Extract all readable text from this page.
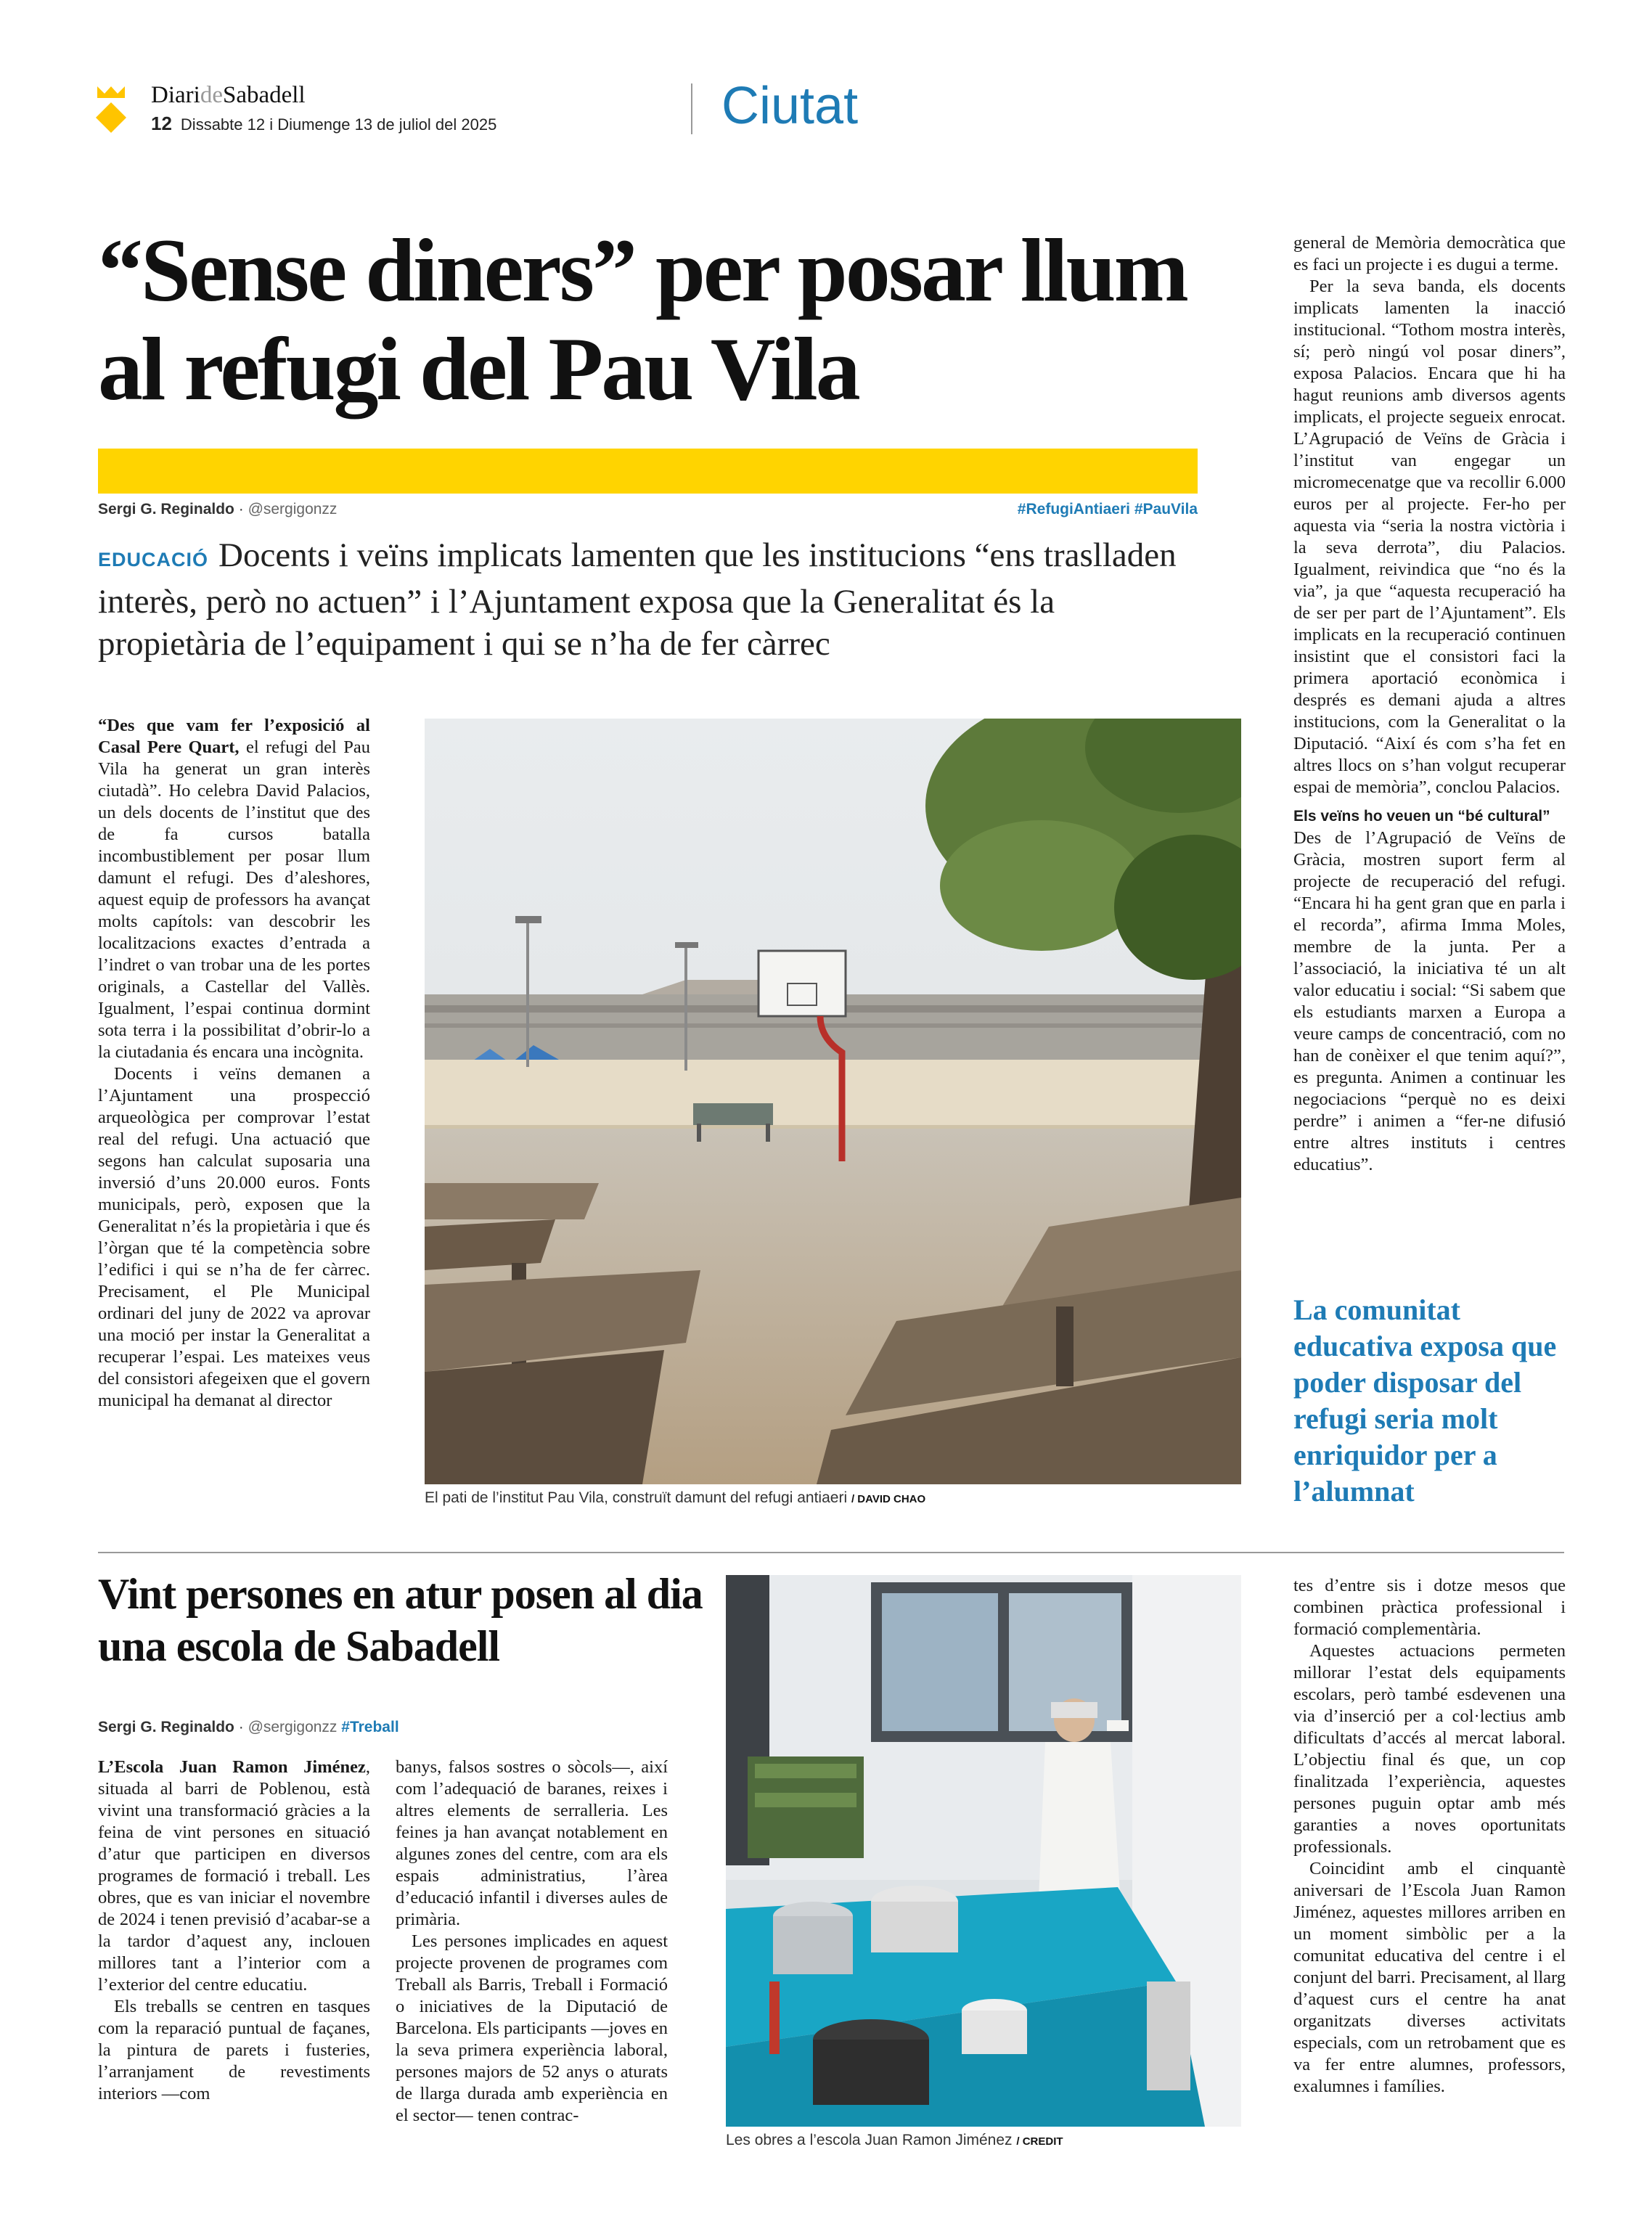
DiarideSabadell
12 Dissabte 12 i Diumenge 13 de juliol del 2025	Ciutat
“Sense diners” per posar llum al refugi del Pau Vila
Sergi G. Reginaldo · @sergigonzz	#RefugiAntiaeri #PauVila
EDUCACIÓ Docents i veïns implicats lamenten que les institucions “ens traslladen interès, però no actuen” i l’Ajuntament exposa que la Generalitat és la propietària de l’equipament i qui se n’ha de fer càrrec

“Des que vam fer l’exposició al Casal Pere Quart, el refugi del Pau Vila ha generat un gran interès ciutadà”. Ho celebra David Palacios, un dels docents de l’institut que des de fa cursos batalla incombustiblement per posar llum damunt el refugi. Des d’aleshores, aquest equip de professors ha avançat molts capítols: van descobrir les localitzacions exactes d’entrada a l’indret o van trobar una de les portes originals, a Castellar del Vallès. Igualment, l’espai continua dormint sota terra i la possibilitat d’obrir-lo a la ciutadania és encara una incògnita.

Docents i veïns demanen a l’Ajuntament una prospecció arqueològica per comprovar l’estat real del refugi. Una actuació que segons han calculat suposaria una inversió d’uns 20.000 euros. Fonts municipals, però, exposen que la Generalitat n’és la propietària i que és l’òrgan que té la competència sobre l’edifici i qui se n’ha de fer càrrec. Precisament, el Ple Municipal ordinari del juny de 2022 va aprovar una moció per instar la Generalitat a recuperar l’espai. Les mateixes veus del consistori afegeixen que el govern municipal ha demanat al director

El pati de l’institut Pau Vila, construït damunt del refugi antiaeri / DAVID CHAO

general de Memòria democràtica que es faci un projecte i es dugui a terme.

Per la seva banda, els docents implicats lamenten la inacció institucional. “Tothom mostra interès, sí; però ningú vol posar diners”, exposa Palacios. Encara que hi ha hagut reunions amb diversos agents implicats, el projecte segueix enrocat. L’Agrupació de Veïns de Gràcia i l’institut van engegar un micromecenatge que va recollir 6.000 euros per al projecte. Fer-ho per aquesta via “seria la nostra victòria i la seva derrota”, diu Palacios. Igualment, reivindica que “no és la via”, ja que “aquesta recuperació ha de ser per part de l’Ajuntament”. Els implicats en la recuperació continuen insistint que el consistori faci la primera aportació econòmica i després es demani ajuda a altres institucions, com la Generalitat o la Diputació. “Així és com s’ha fet en altres llocs on s’han volgut recuperar espai de memòria”, conclou Palacios.

Els veïns ho veuen un “bé cultural”

Des de l’Agrupació de Veïns de Gràcia, mostren suport ferm al projecte de recuperació del refugi. “Encara hi ha gent gran que en parla i el recorda”, afirma Imma Moles, membre de la junta. Per a l’associació, la iniciativa té un alt valor educatiu i social: “Si sabem que els estudiants marxen a Europa a veure camps de concentració, com no han de conèixer el que tenim aquí?”, es pregunta. Animen a continuar les negociacions “perquè no es deixi perdre” i animen a “fer-ne difusió entre altres instituts i centres educatius”.

La comunitat educativa exposa que poder disposar del refugi seria molt enriquidor per a l’alumnat
Vint persones en atur posen al dia una escola de Sabadell
Sergi G. Reginaldo · @sergigonzz #Treball

L’Escola Juan Ramon Jiménez, situada al barri de Poblenou, està vivint una transformació gràcies a la feina de vint persones en situació d’atur que participen en diversos programes de formació i treball. Les obres, que es van iniciar el novembre de 2024 i tenen previsió d’acabar-se a la tardor d’aquest any, inclouen millores tant a l’interior com a l’exterior del centre educatiu.

Els treballs se centren en tasques com la reparació puntual de façanes, la pintura de parets i fusteries, l’arranjament de revestiments interiors —com

banys, falsos sostres o sòcols—, així com l’adequació de baranes, reixes i altres elements de serralleria. Les feines ja han avançat notablement en algunes zones del centre, com ara els espais administratius, l’àrea d’educació infantil i diverses aules de primària.

Les persones implicades en aquest projecte provenen de programes com Treball als Barris, Treball i Formació o iniciatives de la Diputació de Barcelona. Els participants —joves en la seva primera experiència laboral, persones majors de 52 anys o aturats de llarga durada amb experiència en el sector— tenen contrac-

Les obres a l’escola Juan Ramon Jiménez / CREDIT

tes d’entre sis i dotze mesos que combinen pràctica professional i formació complementària.

Aquestes actuacions permeten millorar l’estat dels equipaments escolars, però també esdevenen una via d’inserció per a col·lectius amb dificultats d’accés al mercat laboral. L’objectiu final és que, un cop finalitzada l’experiència, aquestes persones puguin optar amb més garanties a noves oportunitats professionals.

Coincidint amb el cinquantè aniversari de l’Escola Juan Ramon Jiménez, aquestes millores arriben en un moment simbòlic per a la comunitat educativa del centre i el conjunt del barri. Precisament, al llarg d’aquest curs el centre ha anat organitzats diverses activitats especials, com un retrobament que es va fer entre alumnes, professors, exalumnes i famílies.
